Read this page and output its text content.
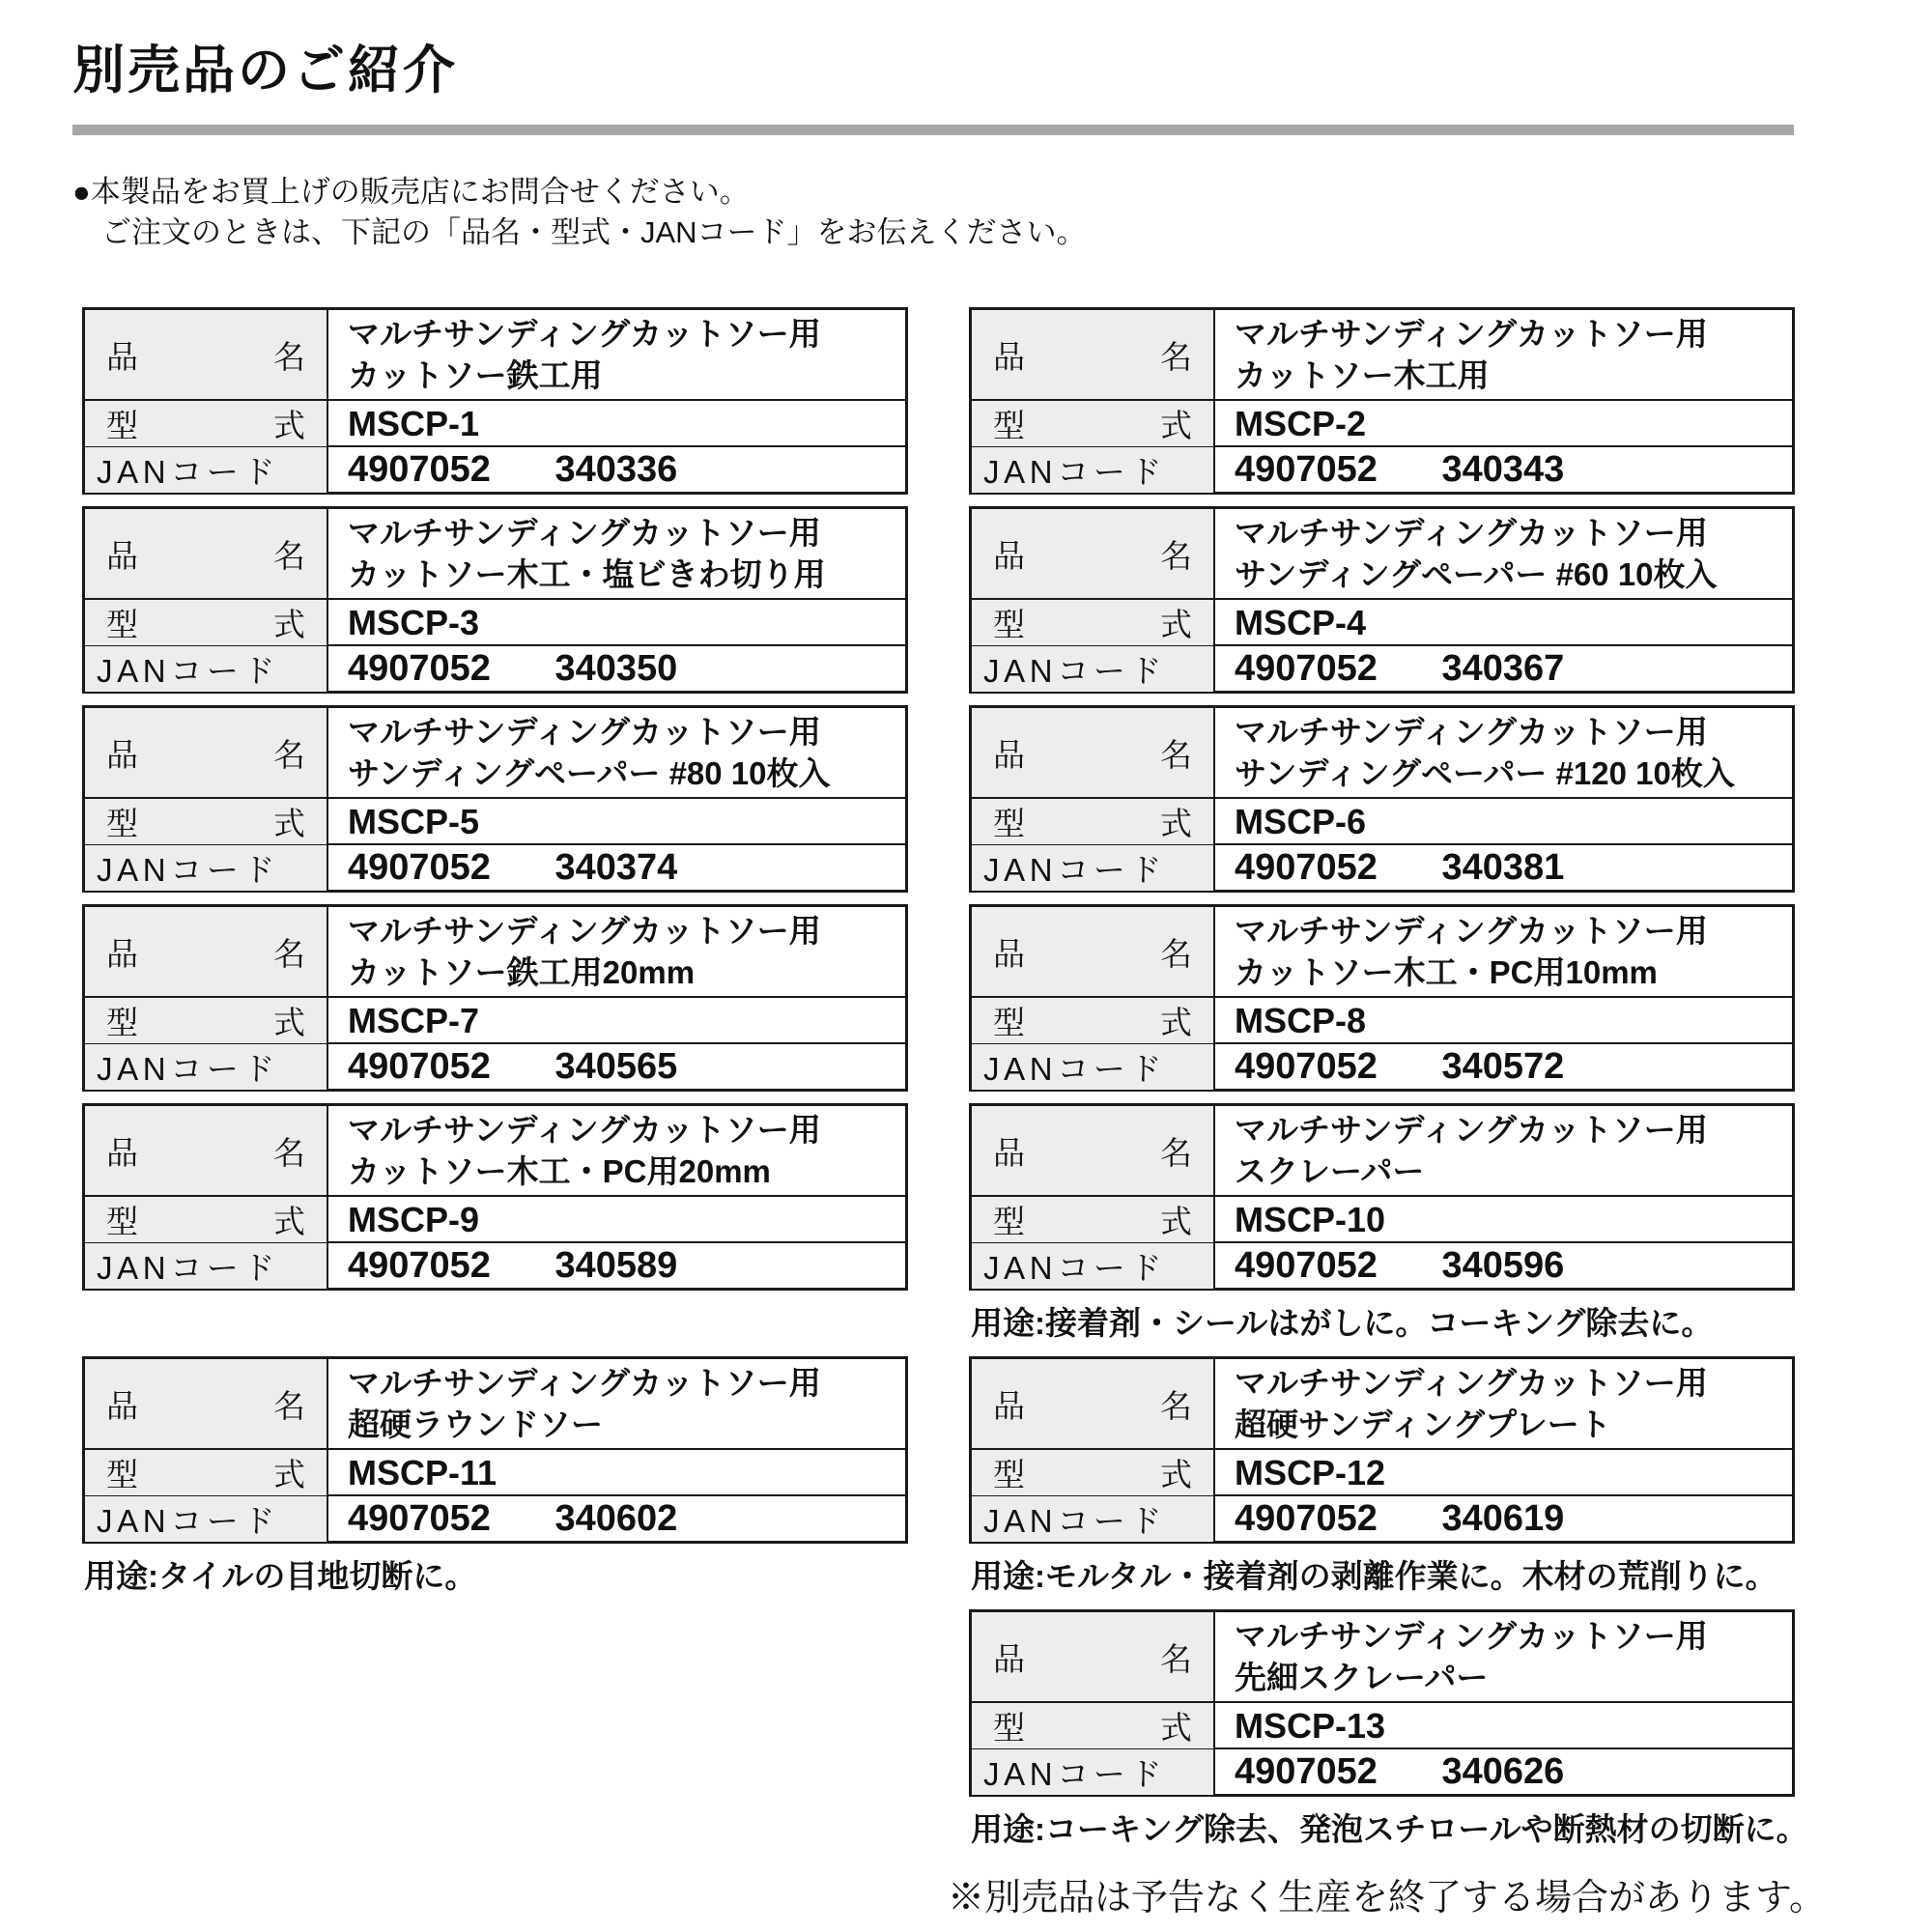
別売品のご紹介
●本製品をお買上げの販売店にお問合せください。
ご注文のときは、下記の「品名・型式・JANコード」をお伝えください。
品	名
マルチサンディングカットソー用
カットソー鉄工用
型	式	MSCP-1
JANコード	4907052 340336
品	名
マルチサンディングカットソー用
カットソー木工・塩ビきわ切り用
型	式	MSCP-3
JANコード	4907052 340350
品	名
マルチサンディングカットソー用
サンディングペーパー #80 10枚入
型	式	MSCP-5
JANコード	4907052 340374
品	名
マルチサンディングカットソー用
カットソー鉄工用20mm
型	式	MSCP-7
JANコード	4907052 340565
品	名
マルチサンディングカットソー用
カットソー木工・PC用20mm
型	式	MSCP-9
JANコード	4907052 340589
品	名
マルチサンディングカットソー用
超硬ラウンドソー
型	式	MSCP-11
JANコード	4907052 340602
用途:タイルの目地切断に。
品	名
マルチサンディングカットソー用
カットソー木工用
型	式	MSCP-2
JANコード	4907052 340343
品	名
マルチサンディングカットソー用
サンディングペーパー #60 10枚入
型	式	MSCP-4
JANコード	4907052 340367
品	名
マルチサンディングカットソー用
サンディングペーパー #120 10枚入
型	式	MSCP-6
JANコード	4907052 340381
品	名
マルチサンディングカットソー用
カットソー木工・PC用10mm
型	式	MSCP-8
JANコード	4907052 340572
品	名
マルチサンディングカットソー用
スクレーパー
型	式	MSCP-10
JANコード	4907052 340596
用途:接着剤・シールはがしに。コーキング除去に。
品	名
マルチサンディングカットソー用
超硬サンディングプレート
型	式	MSCP-12
JANコード	4907052 340619
用途:モルタル・接着剤の剥離作業に。木材の荒削りに。
品	名
マルチサンディングカットソー用
先細スクレーパー
型	式	MSCP-13
JANコード	4907052 340626
用途:コーキング除去、発泡スチロールや断熱材の切断に。
※別売品は予告なく生産を終了する場合があります。
